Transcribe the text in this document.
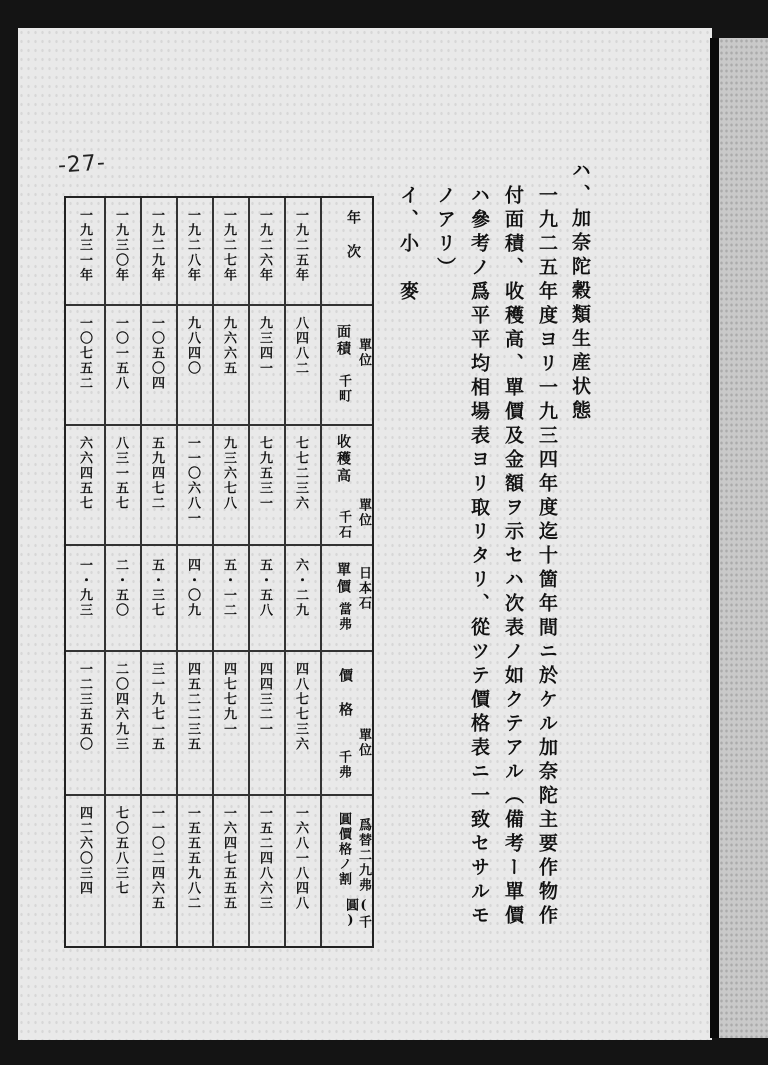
-27-	ハ、加奈陀穀類生産状態
一九二五年度ヨリ一九三四年度迄十箇年間ニ於ケル加奈陀主要作物作
付面積、收穫高、單價及金額ヲ示セハ次表ノ如クテアル（備考ー單價
ハ參考ノ爲平平均相場表ヨリ取リタリ、從ツテ價格表ニ一致セサルモ
ノアリ）
イ、小　麥
年　次
面積 單位
千町
收穫高
單位
千石
單價 日本石
當弗
價　格
單位
千弗
圓價格ノ割 爲替二九弗
(千圓)
一九二五年
八四八二
七七二三六
六・二九
四八七七三六
一六八一八四八
一九二六年
九三四一
七九五三一
五・五八
四四三二一
一五二四八六三
一九二七年
九六六五
九三六七八
五・一二
四七七九一
一六四七五五五
一九二八年
九八四〇
一一〇六八一
四・〇九
四五二二三五
一五五五九八二
一九二九年
一〇五〇四
五九四七二
五・三七
三一九七一五
一一〇二四六五
一九三〇年
一〇一五八
八三一五七
二・五〇
二〇四六九三
七〇五八三七
一九三一年
一〇七五二
六六四五七
一・九三
一二三五五〇
四二六〇三四
